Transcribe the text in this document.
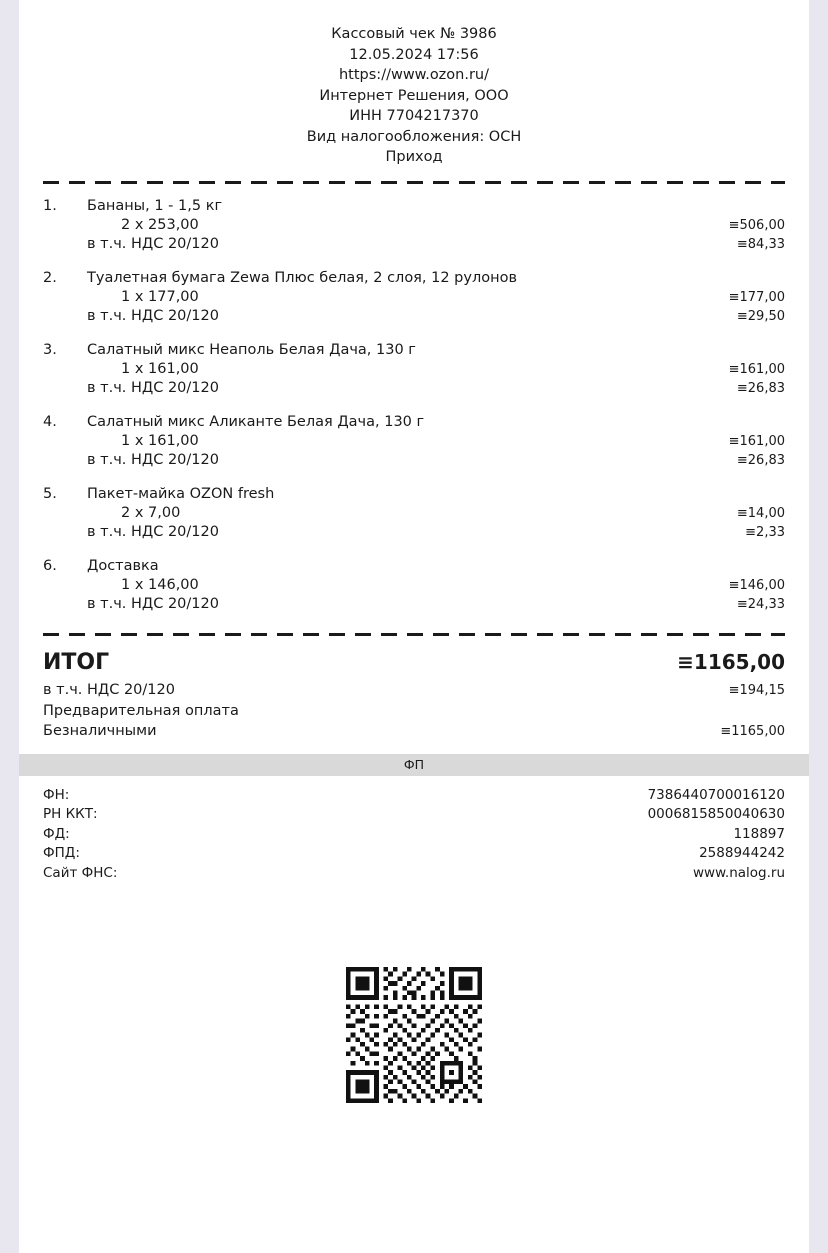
Кассовый чек № 3986
12.05.2024 17:56
https://www.ozon.ru/
Интернет Решения, ООО
ИНН 7704217370
Вид налогообложения: ОСН
Приход
1.	Бананы, 1 - 1,5 кг
2 x 253,00	≡506,00
в т.ч. НДС 20/120	≡84,33
2.	Туалетная бумага Zewa Плюс белая, 2 слоя, 12 рулонов
1 x 177,00	≡177,00
в т.ч. НДС 20/120	≡29,50
3.	Салатный микс Неаполь Белая Дача, 130 г
1 x 161,00	≡161,00
в т.ч. НДС 20/120	≡26,83
4.	Салатный микс Аликанте Белая Дача, 130 г
1 x 161,00	≡161,00
в т.ч. НДС 20/120	≡26,83
5.	Пакет-майка OZON fresh
2 x 7,00	≡14,00
в т.ч. НДС 20/120	≡2,33
6.	Доставка
1 x 146,00	≡146,00
в т.ч. НДС 20/120	≡24,33
ИТОГ	≡1165,00
в т.ч. НДС 20/120	≡194,15
Предварительная оплата
Безналичными	≡1165,00
ФП
ФН:	7386440700016120
РН ККТ:	0006815850040630
ФД:	118897
ФПД:	2588944242
Сайт ФНС:	www.nalog.ru
